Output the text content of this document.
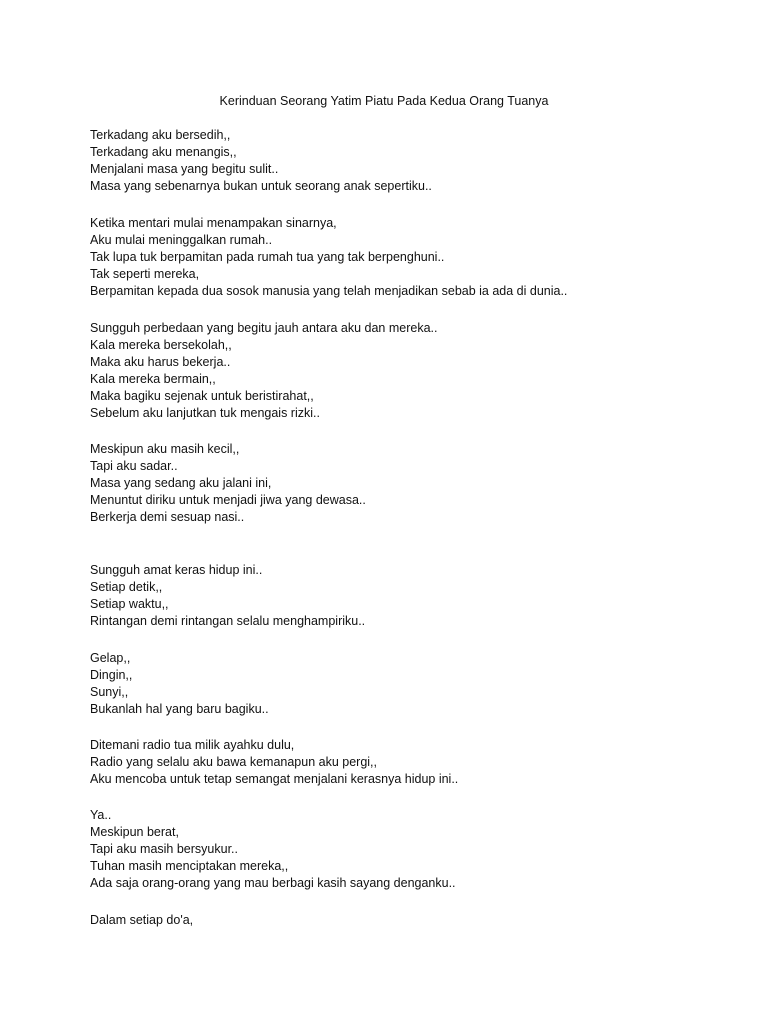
Kerinduan Seorang Yatim Piatu Pada Kedua Orang Tuanya
Terkadang aku bersedih,,
Terkadang aku menangis,,
Menjalani masa yang begitu sulit..
Masa yang sebenarnya bukan untuk seorang anak sepertiku..
Ketika mentari mulai menampakan sinarnya,
Aku mulai meninggalkan rumah..
Tak lupa tuk berpamitan pada rumah tua yang tak berpenghuni..
Tak seperti mereka,
Berpamitan kepada dua sosok manusia yang telah menjadikan sebab ia ada di dunia..
Sungguh perbedaan yang begitu jauh antara aku dan mereka..
Kala mereka bersekolah,,
Maka aku harus bekerja..
Kala mereka bermain,,
Maka bagiku sejenak untuk beristirahat,,
Sebelum aku lanjutkan tuk mengais rizki..
Meskipun aku masih kecil,,
Tapi aku sadar..
Masa yang sedang aku jalani ini,
Menuntut diriku untuk menjadi jiwa yang dewasa..
Berkerja demi sesuap nasi..
Sungguh amat keras hidup ini..
Setiap detik,,
Setiap waktu,,
Rintangan demi rintangan selalu menghampiriku..
Gelap,,
Dingin,,
Sunyi,,
Bukanlah hal yang baru bagiku..
Ditemani radio tua milik ayahku dulu,
Radio yang selalu aku bawa kemanapun aku pergi,,
Aku mencoba untuk tetap semangat menjalani kerasnya hidup ini..
Ya..
Meskipun berat,
Tapi aku masih bersyukur..
Tuhan masih menciptakan mereka,,
Ada saja orang-orang yang mau berbagi kasih sayang denganku..
Dalam setiap do'a,
